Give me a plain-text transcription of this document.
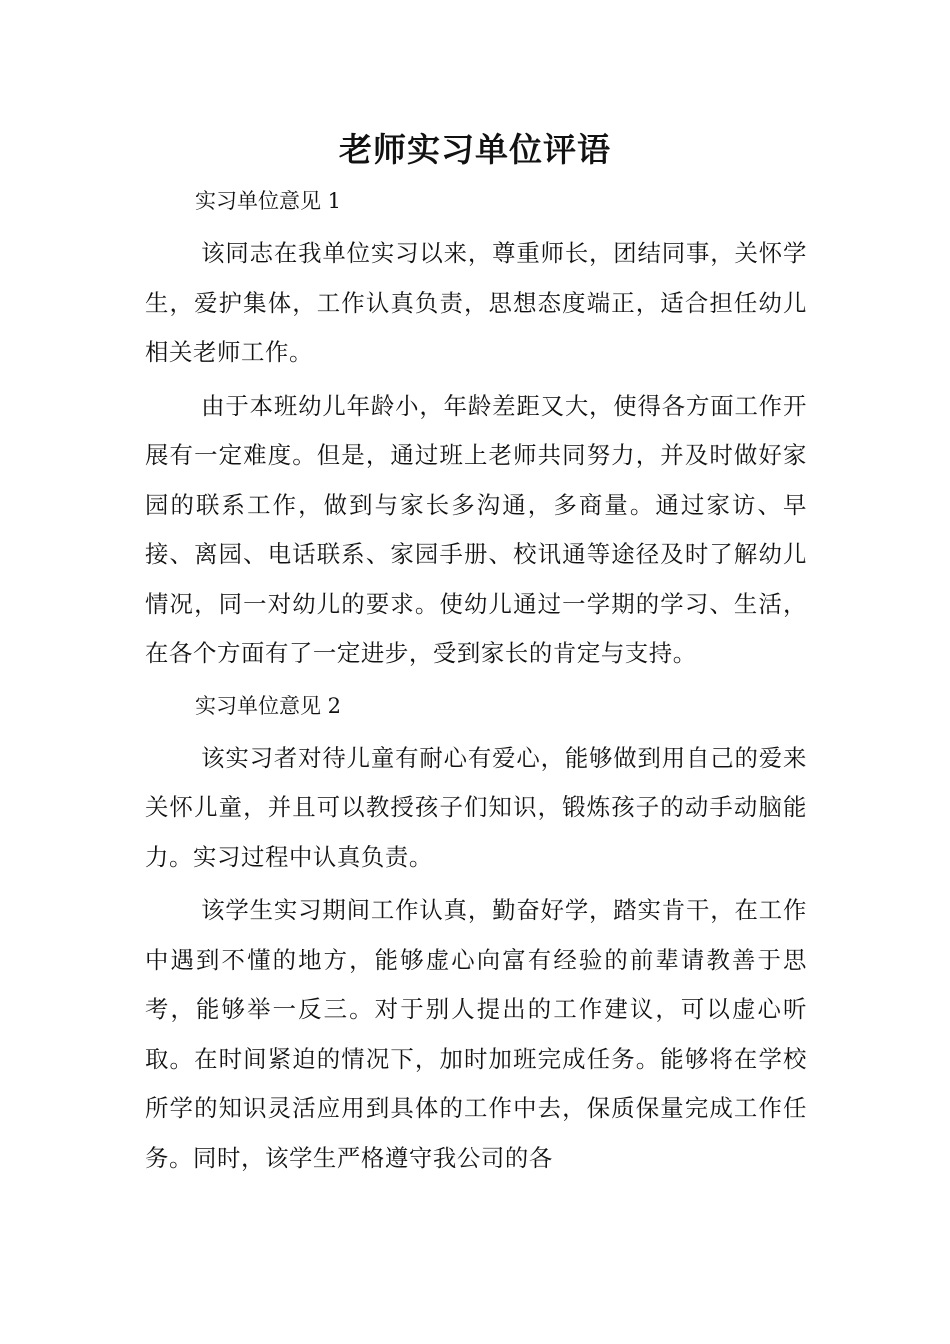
老师实习单位评语

实习单位意见 1

该同志在我单位实习以来，尊重师长，团结同事，关怀学生，爱护集体，工作认真负责，思想态度端正，适合担任幼儿相关老师工作。

由于本班幼儿年龄小，年龄差距又大，使得各方面工作开展有一定难度。但是，通过班上老师共同努力，并及时做好家园的联系工作，做到与家长多沟通，多商量。通过家访、早接、离园、电话联系、家园手册、校讯通等途径及时了解幼儿情况，同一对幼儿的要求。使幼儿通过一学期的学习、生活，在各个方面有了一定进步，受到家长的肯定与支持。

实习单位意见 2

该实习者对待儿童有耐心有爱心，能够做到用自己的爱来关怀儿童，并且可以教授孩子们知识，锻炼孩子的动手动脑能力。实习过程中认真负责。

该学生实习期间工作认真，勤奋好学，踏实肯干，在工作中遇到不懂的地方，能够虚心向富有经验的前辈请教善于思考，能够举一反三。对于别人提出的工作建议，可以虚心听取。在时间紧迫的情况下，加时加班完成任务。能够将在学校所学的知识灵活应用到具体的工作中去，保质保量完成工作任务。同时，该学生严格遵守我公司的各
